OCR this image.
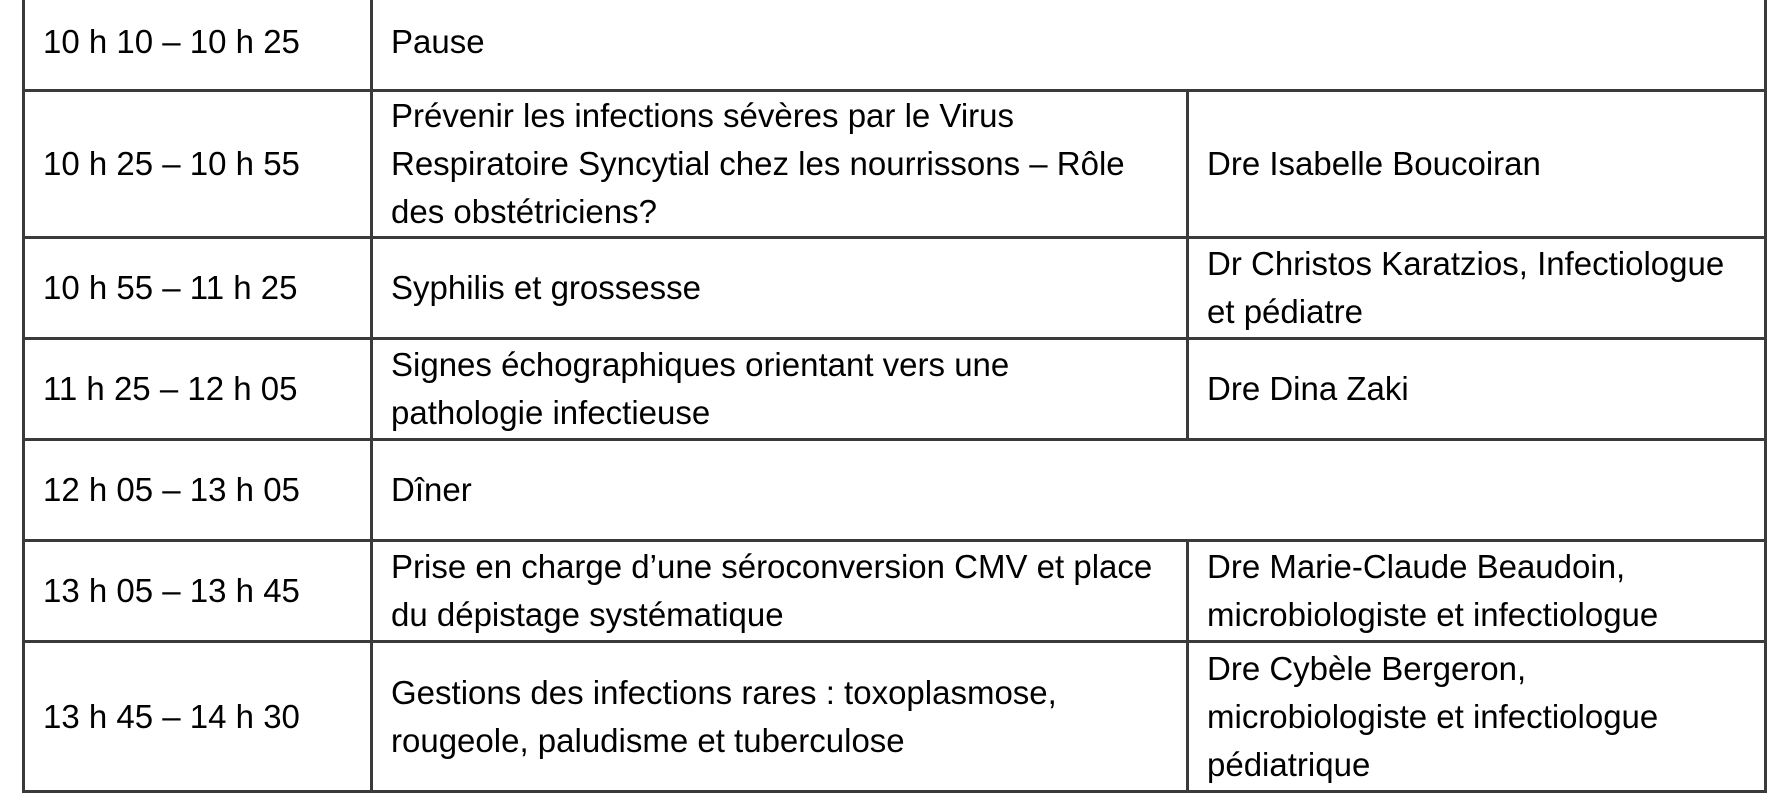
10 h 10 – 10 h 25	Pause	
10 h 25 – 10 h 55	Prévenir les infections sévères par le Virus Respiratoire Syncytial chez les nourrissons – Rôle des obstétriciens?	Dre Isabelle Boucoiran
10 h 55 – 11 h 25	Syphilis et grossesse	Dr Christos Karatzios, Infectiologue et pédiatre
11 h 25 – 12 h 05	Signes échographiques orientant vers une pathologie infectieuse	Dre Dina Zaki
12 h 05 – 13 h 05	Dîner	
13 h 05 – 13 h 45	Prise en charge d’une séroconversion CMV et place du dépistage systématique	Dre Marie-Claude Beaudoin, microbiologiste et infectiologue
13 h 45 – 14 h 30	Gestions des infections rares : toxoplasmose, rougeole, paludisme et tuberculose	Dre Cybèle Bergeron, microbiologiste et infectiologue pédiatrique
